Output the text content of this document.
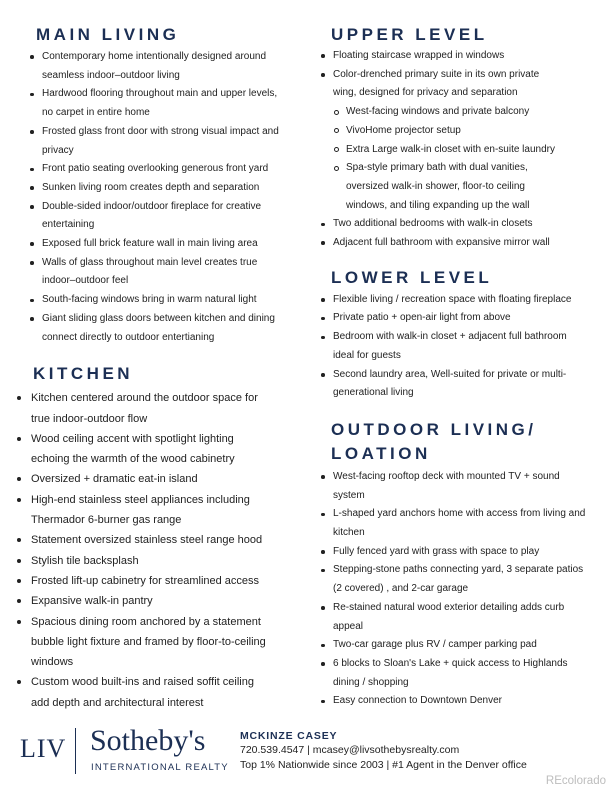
MAIN LIVING
Contemporary home intentionally designed around
seamless indoor–outdoor living
Hardwood flooring throughout main and upper levels,
no carpet in entire home
Frosted glass front door with strong visual impact and
privacy
Front patio seating overlooking generous front yard
Sunken living room creates depth and separation
Double-sided indoor/outdoor fireplace for creative
entertaining
Exposed full brick feature wall in main living area
Walls of glass throughout main level creates true
indoor–outdoor feel
South-facing windows bring in warm natural light
Giant sliding glass doors between kitchen and dining
connect directly to outdoor entertianing
KITCHEN
Kitchen centered around the outdoor space for
true indoor-outdoor flow
Wood ceiling accent with spotlight lighting
echoing the warmth of the wood cabinetry
Oversized + dramatic eat-in island
High-end stainless steel appliances including
Thermador 6-burner gas range
Statement oversized stainless steel range hood
Stylish tile backsplash
Frosted lift-up cabinetry for streamlined access
Expansive walk-in pantry
Spacious dining room anchored by a statement
bubble light fixture and framed by floor-to-ceiling
windows
Custom wood built-ins and raised soffit ceiling
add depth and architectural interest
UPPER LEVEL
Floating staircase wrapped in windows
Color-drenched primary suite in its own private
wing, designed for privacy and separation
West-facing windows and private balcony
VivoHome projector setup
Extra Large walk-in closet with en-suite laundry
Spa-style primary bath with dual vanities,
oversized walk-in shower, floor-to ceiling
windows, and tiling expanding up the wall
Two additional bedrooms with walk-in closets
Adjacent full bathroom with expansive mirror wall
LOWER LEVEL
Flexible living / recreation space with floating fireplace
Private patio + open-air light from above
Bedroom with walk-in closet + adjacent full bathroom
ideal for guests
Second laundry area, Well-suited for private or multi-
generational living
OUTDOOR LIVING/
LOATION
West-facing rooftop deck with mounted TV + sound
system
L-shaped yard anchors home with access from living and
kitchen
Fully fenced yard with grass with space to play
Stepping-stone paths connecting yard, 3 separate patios
(2 covered) , and 2-car garage
Re-stained natural wood exterior detailing adds curb
appeal
Two-car garage plus RV / camper parking pad
6 blocks to Sloan's Lake + quick access to Highlands
dining / shopping
Easy connection to Downtown Denver
LIV Sotheby's
INTERNATIONAL REALTY
MCKINZE CASEY
720.539.4547 | mcasey@livsothebysrealty.com
Top 1% Nationwide since 2003 | #1 Agent in the Denver office
REcolorado
